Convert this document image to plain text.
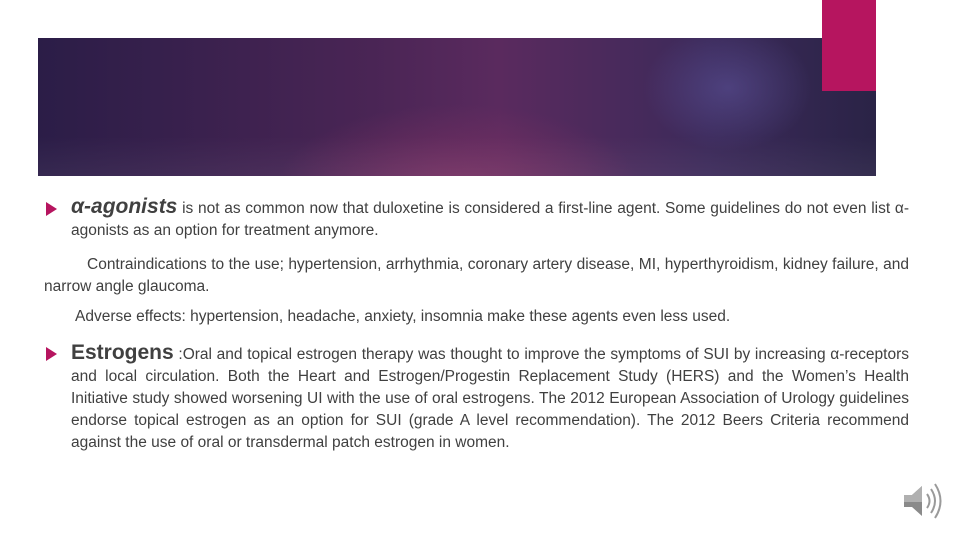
α-agonists is not as common now that duloxetine is considered a first-line agent. Some guidelines do not even list α-agonists as an option for treatment anymore.
Contraindications to the use; hypertension, arrhythmia, coronary artery disease, MI, hyperthyroidism, kidney failure, and narrow angle glaucoma.
Adverse effects: hypertension, headache, anxiety, insomnia make these agents even less used.
Estrogens :Oral and topical estrogen therapy was thought to improve the symptoms of SUI by increasing α-receptors and local circulation. Both the Heart and Estrogen/Progestin Replacement Study (HERS) and the Women’s Health Initiative study showed worsening UI with the use of oral estrogens. The 2012 European Association of Urology guidelines endorse topical estrogen as an option for SUI (grade A level recommendation). The 2012 Beers Criteria recommend against the use of oral or transdermal patch estrogen in women.
